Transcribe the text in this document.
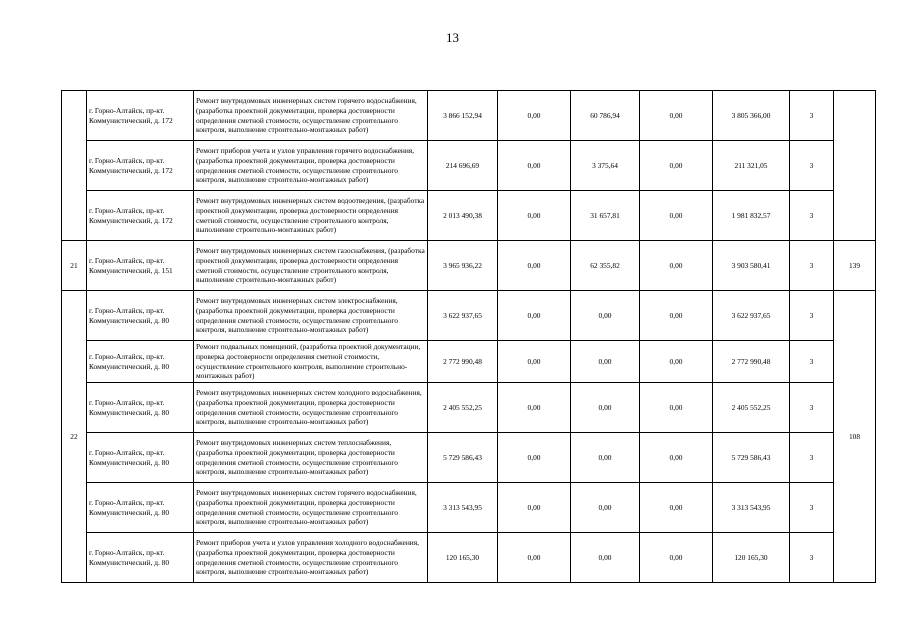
13
	г. Горно-Алтайск, пр-кт. Коммунистический, д. 172	Ремонт внутридомовых инженерных систем горячего водоснабжения, (разработка проектной документации, проверка достоверности определения сметной стоимости, осуществление строительного контроля, выполнение строительно-монтажных работ)	3 866 152,94	0,00	60 786,94	0,00	3 805 366,00	3	
	г. Горно-Алтайск, пр-кт. Коммунистический, д. 172	Ремонт приборов учета и узлов управления горячего водоснабжения, (разработка проектной документации, проверка достоверности определения сметной стоимости, осуществление строительного контроля, выполнение строительно-монтажных работ)	214 696,69	0,00	3 375,64	0,00	211 321,05	3	
	г. Горно-Алтайск, пр-кт. Коммунистический, д. 172	Ремонт внутридомовых инженерных систем водоотведения, (разработка проектной документации, проверка достоверности определения сметной стоимости, осуществление строительного контроля, выполнение строительно-монтажных работ)	2 013 490,38	0,00	31 657,81	0,00	1 981 832,57	3	
21	г. Горно-Алтайск, пр-кт. Коммунистический, д. 151	Ремонт внутридомовых инженерных систем газоснабжения, (разработка проектной документации, проверка достоверности определения сметной стоимости, осуществление строительного контроля, выполнение строительно-монтажных работ)	3 965 936,22	0,00	62 355,82	0,00	3 903 580,41	3	139
22	г. Горно-Алтайск, пр-кт. Коммунистический, д. 80	Ремонт внутридомовых инженерных систем электроснабжения, (разработка проектной документации, проверка достоверности определения сметной стоимости, осуществление строительного контроля, выполнение строительно-монтажных работ)	3 622 937,65	0,00	0,00	0,00	3 622 937,65	3	108
	г. Горно-Алтайск, пр-кт. Коммунистический, д. 80	Ремонт подвальных помещений, (разработка проектной документации, проверка достоверности определения сметной стоимости, осуществление строительного контроля, выполнение строительно-монтажных работ)	2 772 990,48	0,00	0,00	0,00	2 772 990,48	3	
	г. Горно-Алтайск, пр-кт. Коммунистический, д. 80	Ремонт внутридомовых инженерных систем холодного водоснабжения, (разработка проектной документации, проверка достоверности определения сметной стоимости, осуществление строительного контроля, выполнение строительно-монтажных работ)	2 405 552,25	0,00	0,00	0,00	2 405 552,25	3	
	г. Горно-Алтайск, пр-кт. Коммунистический, д. 80	Ремонт внутридомовых инженерных систем теплоснабжения, (разработка проектной документации, проверка достоверности определения сметной стоимости, осуществление строительного контроля, выполнение строительно-монтажных работ)	5 729 586,43	0,00	0,00	0,00	5 729 586,43	3	
	г. Горно-Алтайск, пр-кт. Коммунистический, д. 80	Ремонт внутридомовых инженерных систем горячего водоснабжения, (разработка проектной документации, проверка достоверности определения сметной стоимости, осуществление строительного контроля, выполнение строительно-монтажных работ)	3 313 543,95	0,00	0,00	0,00	3 313 543,95	3	
	г. Горно-Алтайск, пр-кт. Коммунистический, д. 80	Ремонт приборов учета и узлов управления холодного водоснабжения, (разработка проектной документации, проверка достоверности определения сметной стоимости, осуществление строительного контроля, выполнение строительно-монтажных работ)	120 165,30	0,00	0,00	0,00	120 165,30	3	
